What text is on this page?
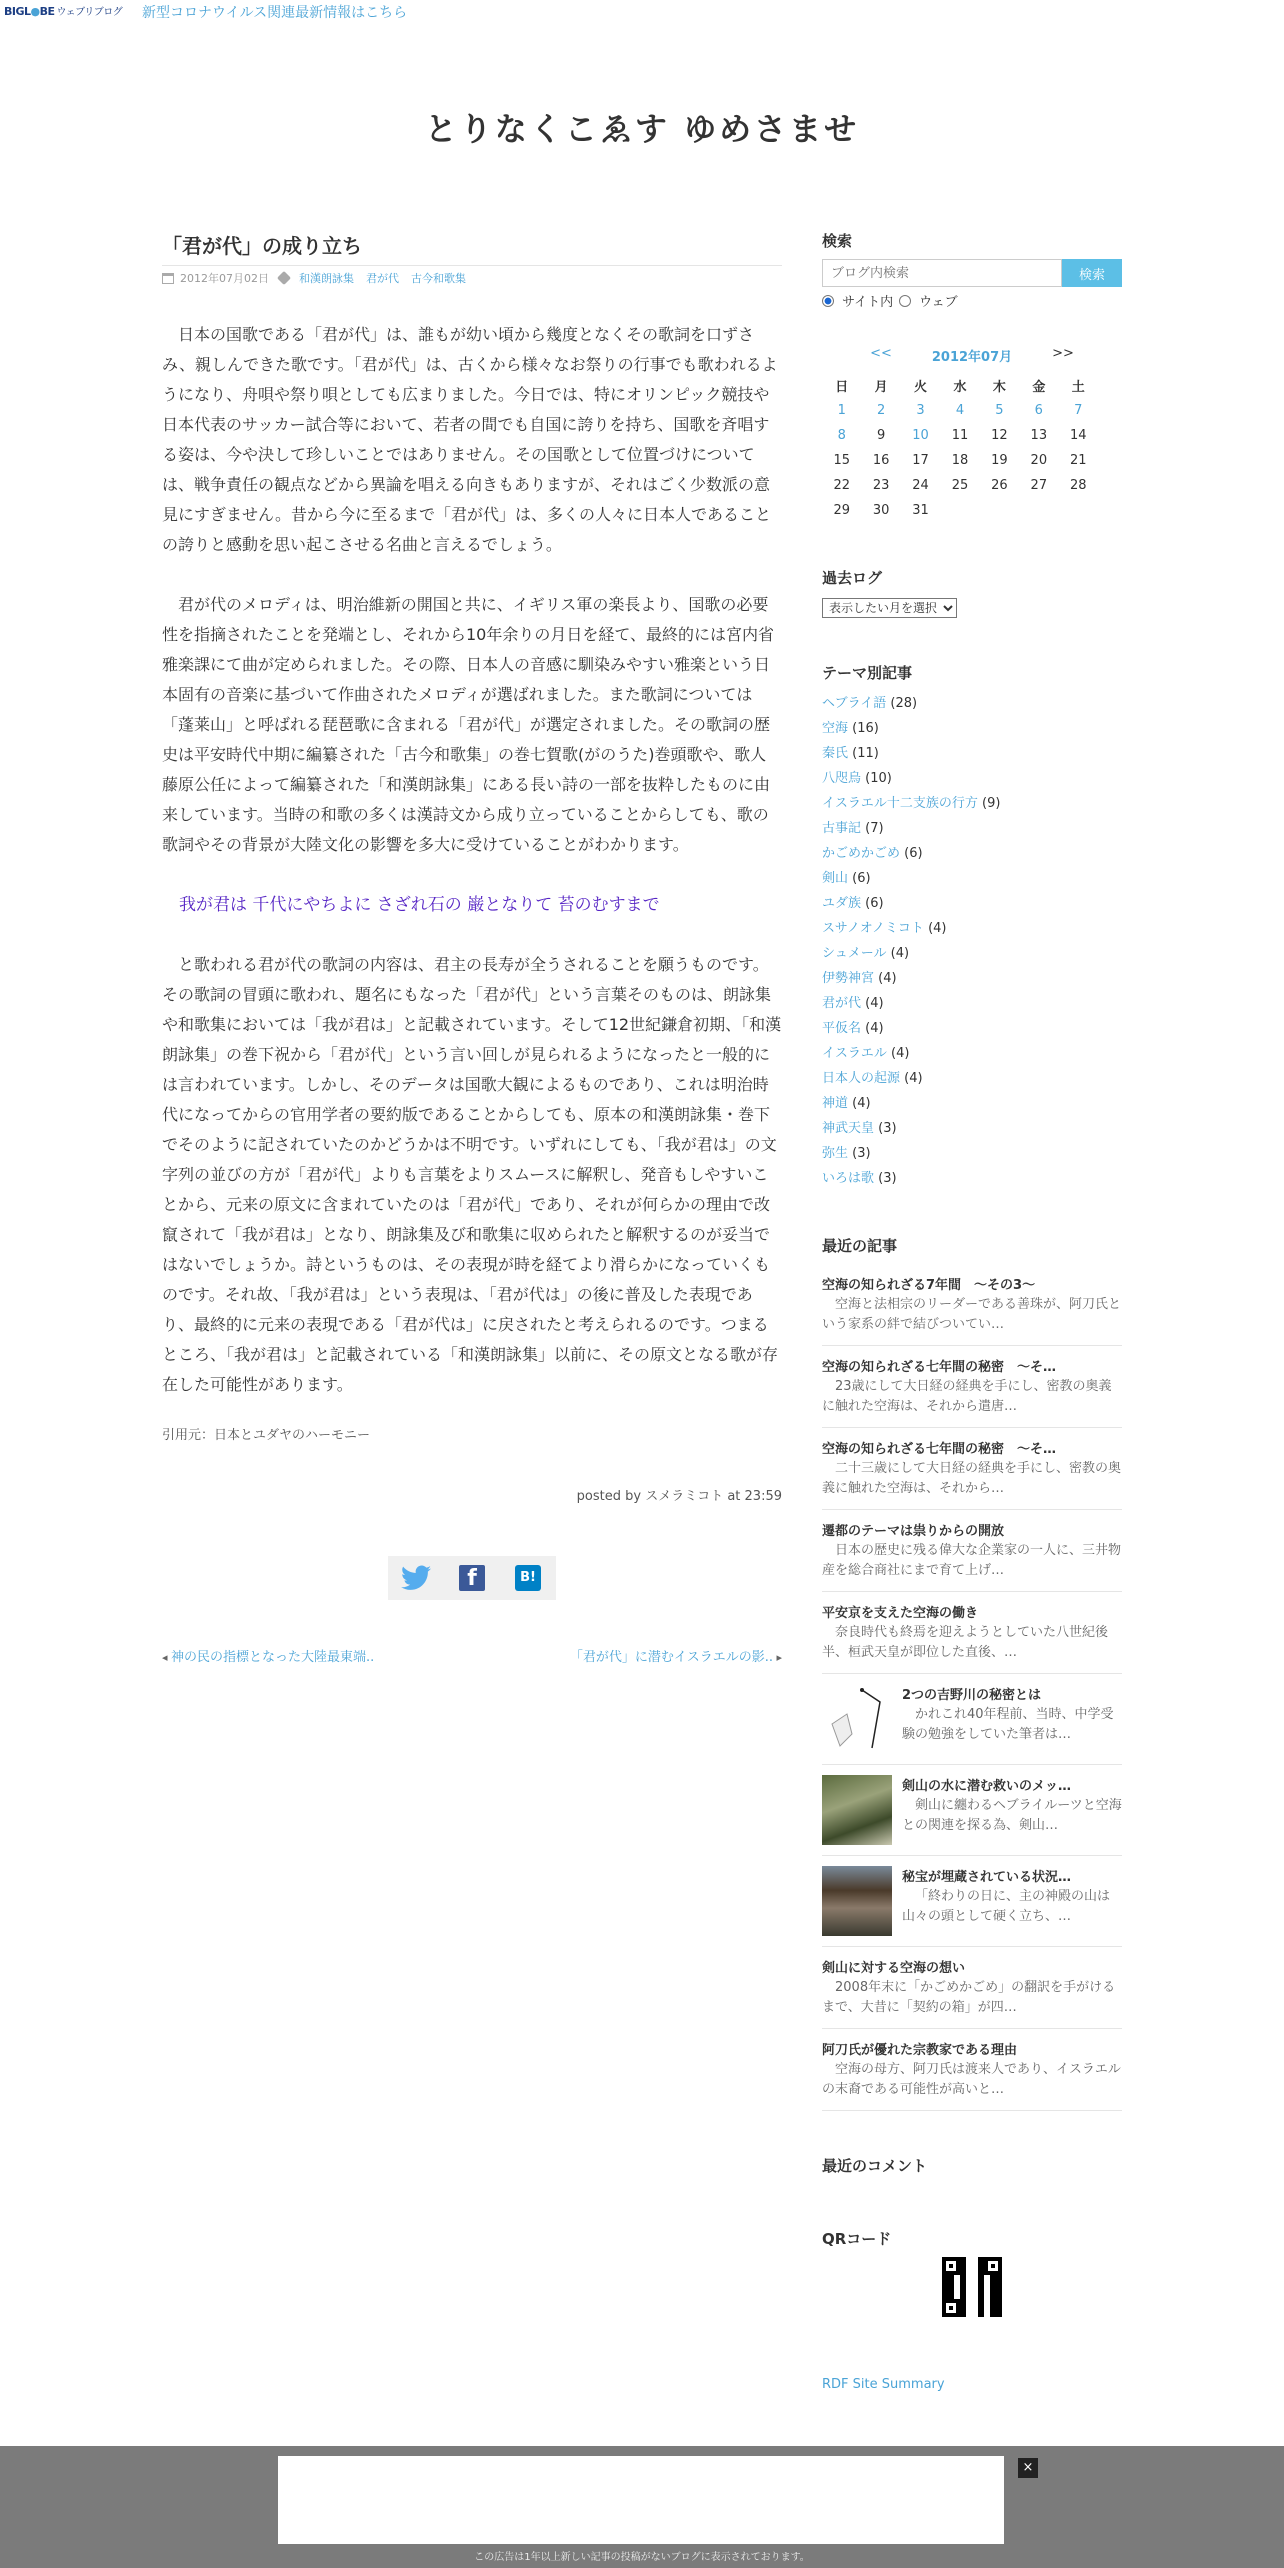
BIGL●BE ウェブリブログ 新型コロナウイルス関連最新情報はこちら
とりなくこゑす ゆめさませ
「君が代」の成り立ち
2012年07月02日	和漢朗詠集 君が代 古今和歌集

日本の国歌である「君が代」は、誰もが幼い頃から幾度となくその歌詞を口ずさみ、親しんできた歌です。「君が代」は、古くから様々なお祭りの行事でも歌われるようになり、舟唄や祭り唄としても広まりました。今日では、特にオリンピック競技や日本代表のサッカー試合等において、若者の間でも自国に誇りを持ち、国歌を斉唱する姿は、今や決して珍しいことではありません。その国歌として位置づけについては、戦争責任の観点などから異論を唱える向きもありますが、それはごく少数派の意見にすぎません。昔から今に至るまで「君が代」は、多くの人々に日本人であることの誇りと感動を思い起こさせる名曲と言えるでしょう。

君が代のメロディは、明治維新の開国と共に、イギリス軍の楽長より、国歌の必要性を指摘されたことを発端とし、それから10年余りの月日を経て、最終的には宮内省雅楽課にて曲が定められました。その際、日本人の音感に馴染みやすい雅楽という日本固有の音楽に基づいて作曲されたメロディが選ばれました。また歌詞については「蓬莱山」と呼ばれる琵琶歌に含まれる「君が代」が選定されました。その歌詞の歴史は平安時代中期に編纂された「古今和歌集」の巻七賀歌(がのうた)巻頭歌や、歌人藤原公任によって編纂された「和漢朗詠集」にある長い詩の一部を抜粋したものに由来しています。当時の和歌の多くは漢詩文から成り立っていることからしても、歌の歌詞やその背景が大陸文化の影響を多大に受けていることがわかります。

我が君は 千代にやちよに さざれ石の 巌となりて 苔のむすまで

と歌われる君が代の歌詞の内容は、君主の長寿が全うされることを願うものです。その歌詞の冒頭に歌われ、題名にもなった「君が代」という言葉そのものは、朗詠集や和歌集においては「我が君は」と記載されています。そして12世紀鎌倉初期、「和漢朗詠集」の巻下祝から「君が代」という言い回しが見られるようになったと一般的には言われています。しかし、そのデータは国歌大観によるものであり、これは明治時代になってからの官用学者の要約版であることからしても、原本の和漢朗詠集・巻下でそのように記されていたのかどうかは不明です。いずれにしても、「我が君は」の文字列の並びの方が「君が代」よりも言葉をよりスムースに解釈し、発音もしやすいことから、元来の原文に含まれていたのは「君が代」であり、それが何らかの理由で改竄されて「我が君は」となり、朗詠集及び和歌集に収められたと解釈するのが妥当ではないでしょうか。詩というものは、その表現が時を経てより滑らかになっていくものです。それ故、「我が君は」という表現は、「君が代は」の後に普及した表現であり、最終的に元来の表現である「君が代は」に戻されたと考えられるのです。つまるところ、「我が君は」と記載されている「和漢朗詠集」以前に、その原文となる歌が存在した可能性があります。

引用元：日本とユダヤのハーモニー
posted by スメラミコト at 23:59
f	B!
◂ 神の民の指標となった大陸最東端..	「君が代」に潜むイスラエルの影.. ▸
検索
ブログ内検索
検索
サイト内 ウェブ
<<	2012年07月	>>
日	月	火	水	木	金	土
1	2	3	4	5	6	7
8	9	10	11	12	13	14
15	16	17	18	19	20	21
22	23	24	25	26	27	28
29	30	31				
過去ログ
表示したい月を選択
テーマ別記事
ヘブライ語 (28)
空海 (16)
秦氏 (11)
八咫烏 (10)
イスラエル十二支族の行方 (9)
古事記 (7)
かごめかごめ (6)
剣山 (6)
ユダ族 (6)
スサノオノミコト (4)
シュメール (4)
伊勢神宮 (4)
君が代 (4)
平仮名 (4)
イスラエル (4)
日本人の起源 (4)
神道 (4)
神武天皇 (3)
弥生 (3)
いろは歌 (3)
最近の記事
空海の知られざる7年間　～その3～
空海と法相宗のリーダーである善珠が、阿刀氏という家系の絆で結びついてい…
空海の知られざる七年間の秘密　～そ…
23歳にして大日経の経典を手にし、密教の奥義に触れた空海は、それから遣唐…
空海の知られざる七年間の秘密　～そ…
二十三歳にして大日経の経典を手にし、密教の奥義に触れた空海は、それから…
遷都のテーマは祟りからの開放
日本の歴史に残る偉大な企業家の一人に、三井物産を総合商社にまで育て上げ…
平安京を支えた空海の働き
奈良時代も終焉を迎えようとしていた八世紀後半、桓武天皇が即位した直後、…
2つの吉野川の秘密とは
かれこれ40年程前、当時、中学受験の勉強をしていた筆者は…
剣山の水に潜む救いのメッ…
剣山に纏わるヘブライルーツと空海との関連を探る為、剣山…
秘宝が埋蔵されている状況…
「終わりの日に、主の神殿の山は山々の頭として硬く立ち、…
剣山に対する空海の想い
2008年末に「かごめかごめ」の翻訳を手がけるまで、大昔に「契約の箱」が四…
阿刀氏が優れた宗教家である理由
空海の母方、阿刀氏は渡来人であり、イスラエルの末裔である可能性が高いと…
最近のコメント
QRコード
RDF Site Summary
×
この広告は1年以上新しい記事の投稿がないブログに表示されております。
